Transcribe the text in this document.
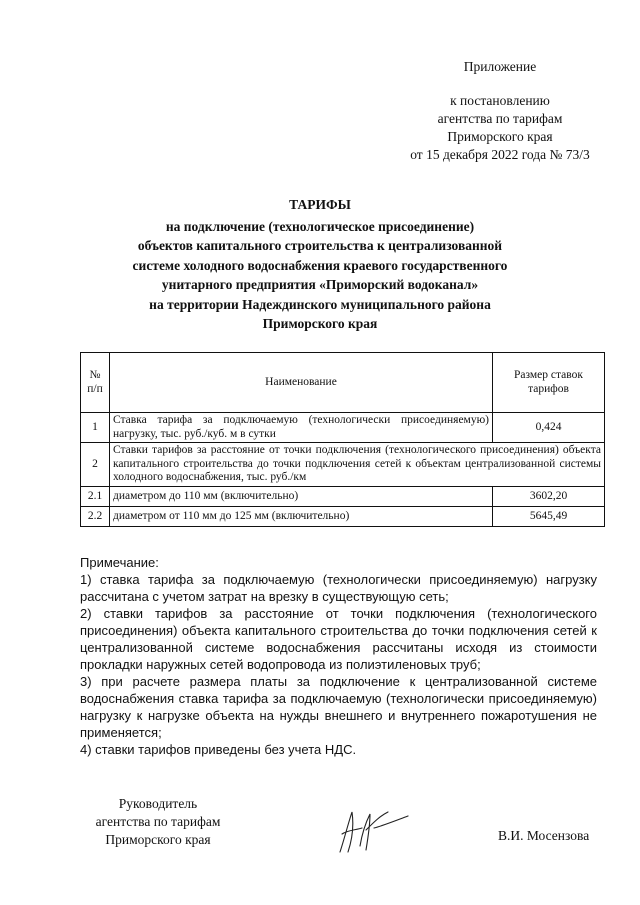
Приложение
к постановлению
агентства по тарифам
Приморского края
от 15 декабря 2022 года № 73/3
ТАРИФЫ
на подключение (технологическое присоединение)
объектов капитального строительства к централизованной
системе холодного водоснабжения краевого государственного
унитарного предприятия «Приморский водоканал»
на территории Надеждинского муниципального района
Приморского края
№ п/п	Наименование	Размер ставок тарифов
1	Ставка тарифа за подключаемую (технологически присоединяемую) нагрузку, тыс. руб./куб. м в сутки	0,424
2	Ставки тарифов за расстояние от точки подключения (технологического присоединения) объекта капитального строительства до точки подключения сетей к объектам централизованной системы холодного водоснабжения, тыс. руб./км	
2.1	диаметром до 110 мм (включительно)	3602,20
2.2	диаметром от 110 мм до 125 мм (включительно)	5645,49

Примечание:

1) ставка тарифа за подключаемую (технологически присоединяемую) нагрузку рассчитана с учетом затрат на врезку в существующую сеть;

2) ставки тарифов за расстояние от точки подключения (технологического присоединения) объекта капитального строительства до точки подключения сетей к централизованной системе водоснабжения рассчитаны исходя из стоимости прокладки наружных сетей водопровода из полиэтиленовых труб;

3) при расчете размера платы за подключение к централизованной системе водоснабжения ставка тарифа за подключаемую (технологически присоединяемую) нагрузку к нагрузке объекта на нужды внешнего и внутреннего пожаротушения не применяется;

4) ставки тарифов приведены без учета НДС.

Руководитель
агентства по тарифам
Приморского края	В.И. Мосензова
